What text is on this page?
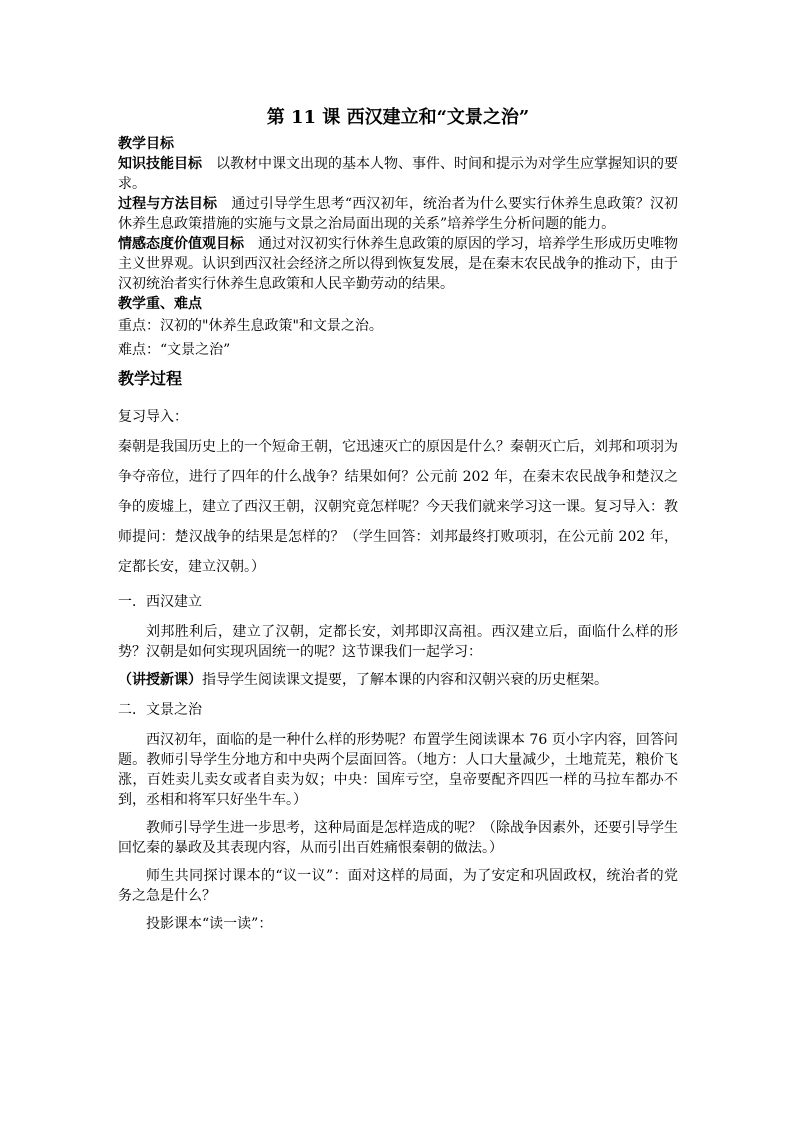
第 11 课 西汉建立和“文景之治”

教学目标

知识技能目标 以教材中课文出现的基本人物、事件、时间和提示为对学生应掌握知识的要求。

过程与方法目标 通过引导学生思考“西汉初年，统治者为什么要实行休养生息政策？汉初休养生息政策措施的实施与文景之治局面出现的关系”培养学生分析问题的能力。

情感态度价值观目标 通过对汉初实行休养生息政策的原因的学习，培养学生形成历史唯物主义世界观。认识到西汉社会经济之所以得到恢复发展，是在秦末农民战争的推动下，由于汉初统治者实行休养生息政策和人民辛勤劳动的结果。

教学重、难点

重点：汉初的"休养生息政策"和文景之治。

难点：“文景之治”

教学过程

复习导入：

秦朝是我国历史上的一个短命王朝，它迅速灭亡的原因是什么？秦朝灭亡后，刘邦和项羽为争夺帝位，进行了四年的什么战争？结果如何？公元前 202 年，在秦末农民战争和楚汉之争的废墟上，建立了西汉王朝，汉朝究竟怎样呢？今天我们就来学习这一课。复习导入：教师提问：楚汉战争的结果是怎样的？（学生回答：刘邦最终打败项羽，在公元前 202 年，定都长安，建立汉朝。）

一．西汉建立

刘邦胜利后，建立了汉朝，定都长安，刘邦即汉高祖。西汉建立后，面临什么样的形势？汉朝是如何实现巩固统一的呢？这节课我们一起学习：

（讲授新课）指导学生阅读课文提要，了解本课的内容和汉朝兴衰的历史框架。

二．文景之治

西汉初年，面临的是一种什么样的形势呢？布置学生阅读课本 76 页小字内容，回答问题。教师引导学生分地方和中央两个层面回答。（地方：人口大量减少，土地荒芜，粮价飞涨，百姓卖儿卖女或者自卖为奴；中央：国库亏空，皇帝要配齐四匹一样的马拉车都办不到，丞相和将军只好坐牛车。）

教师引导学生进一步思考，这种局面是怎样造成的呢？（除战争因素外，还要引导学生回忆秦的暴政及其表现内容，从而引出百姓痛恨秦朝的做法。）

师生共同探讨课本的“议一议”：面对这样的局面，为了安定和巩固政权，统治者的党务之急是什么？

投影课本“读一读”：
